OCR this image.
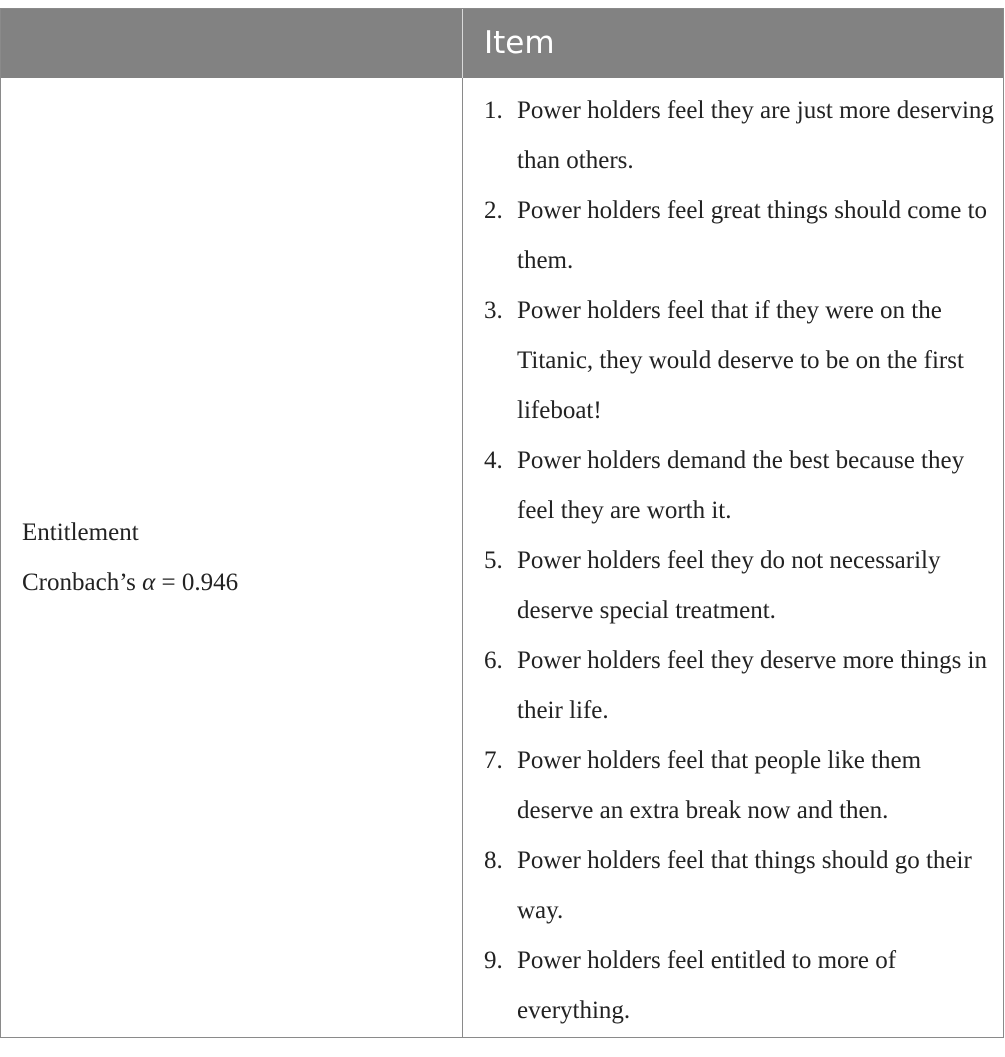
Item
Entitlement
Cronbach’s α = 0.946
1. Power holders feel they are just more deserving than others.
2. Power holders feel great things should come to them.
3. Power holders feel that if they were on the Titanic, they would deserve to be on the first lifeboat!
4. Power holders demand the best because they feel they are worth it.
5. Power holders feel they do not necessarily deserve special treatment.
6. Power holders feel they deserve more things in their life.
7. Power holders feel that people like them deserve an extra break now and then.
8. Power holders feel that things should go their way.
9. Power holders feel entitled to more of everything.
